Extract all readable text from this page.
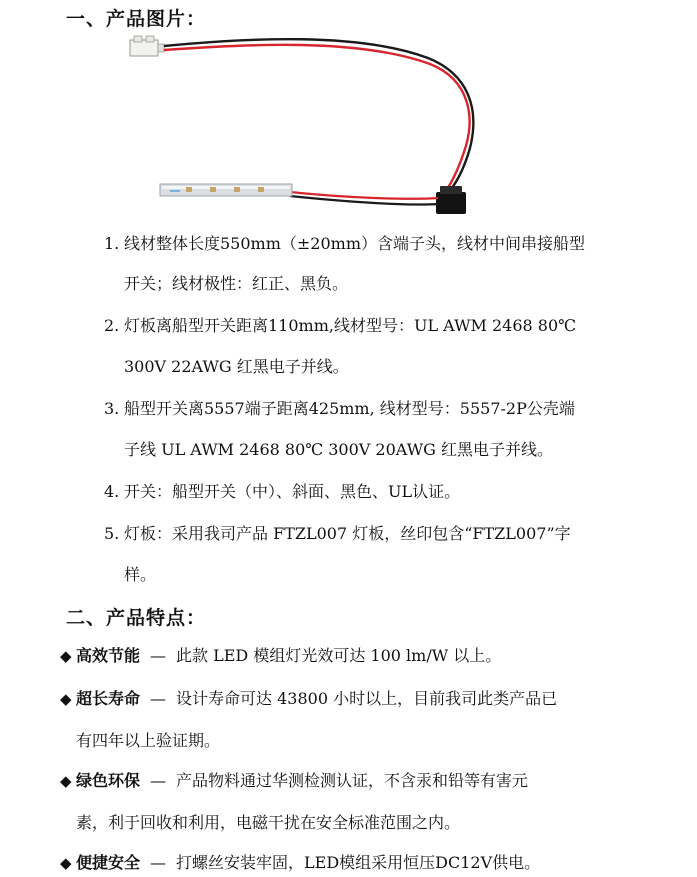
一、产品图片：
1. 线材整体长度550mm（±20mm）含端子头，线材中间串接船型
开关；线材极性：红正、黑负。
2. 灯板离船型开关距离110mm,线材型号：UL AWM 2468 80℃
300V 22AWG 红黑电子并线。
3. 船型开关离5557端子距离425mm, 线材型号：5557-2P公壳端
子线 UL AWM 2468 80℃ 300V 20AWG 红黑电子并线。
4. 开关：船型开关（中）、斜面、黑色、UL认证。
5. 灯板：采用我司产品 FTZL007 灯板，丝印包含“FTZL007”字
样。
二、产品特点：
◆ 高效节能 — 此款 LED 模组灯光效可达 100 lm/W 以上。
◆ 超长寿命 — 设计寿命可达 43800 小时以上，目前我司此类产品已
有四年以上验证期。
◆ 绿色环保 — 产品物料通过华测检测认证，不含汞和铅等有害元
素，利于回收和利用，电磁干扰在安全标准范围之内。
◆ 便捷安全 — 打螺丝安装牢固，LED模组采用恒压DC12V供电。
